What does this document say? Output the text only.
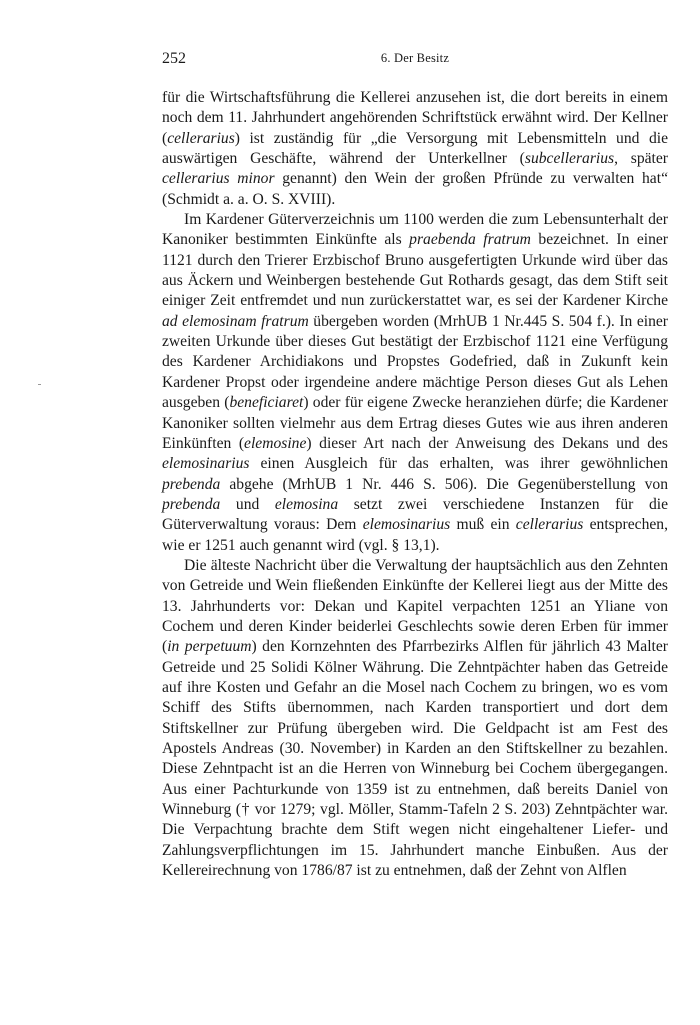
252	6. Der Besitz

für die Wirtschaftsführung die Kellerei anzusehen ist, die dort bereits in einem noch dem 11. Jahrhundert angehörenden Schriftstück erwähnt wird. Der Kellner (cellerarius) ist zuständig für „die Versorgung mit Lebensmitteln und die auswärtigen Geschäfte, während der Unterkellner (subcellerarius, später cellerarius minor genannt) den Wein der großen Pfründe zu verwalten hat“ (Schmidt a. a. O. S. XVIII).

Im Kardener Güterverzeichnis um 1100 werden die zum Lebensunterhalt der Kanoniker bestimmten Einkünfte als praebenda fratrum bezeichnet. In einer 1121 durch den Trierer Erzbischof Bruno ausgefertigten Urkunde wird über das aus Äckern und Weinbergen bestehende Gut Rothards gesagt, das dem Stift seit einiger Zeit entfremdet und nun zurückerstattet war, es sei der Kardener Kirche ad elemosinam fratrum übergeben worden (MrhUB 1 Nr.445 S. 504 f.). In einer zweiten Urkunde über dieses Gut bestätigt der Erzbischof 1121 eine Verfügung des Kardener Archidiakons und Propstes Godefried, daß in Zukunft kein Kardener Propst oder irgendeine andere mächtige Person dieses Gut als Lehen ausgeben (beneficiaret) oder für eigene Zwecke heranziehen dürfe; die Kardener Kanoniker sollten vielmehr aus dem Ertrag dieses Gutes wie aus ihren anderen Einkünften (elemosine) dieser Art nach der Anweisung des Dekans und des elemosinarius einen Ausgleich für das erhalten, was ihrer gewöhnlichen prebenda abgehe (MrhUB 1 Nr. 446 S. 506). Die Gegenüberstellung von prebenda und elemosina setzt zwei verschiedene Instanzen für die Güterverwaltung voraus: Dem elemosinarius muß ein cellerarius entsprechen, wie er 1251 auch genannt wird (vgl. § 13,1).

Die älteste Nachricht über die Verwaltung der hauptsächlich aus den Zehnten von Getreide und Wein fließenden Einkünfte der Kellerei liegt aus der Mitte des 13. Jahrhunderts vor: Dekan und Kapitel verpachten 1251 an Yliane von Cochem und deren Kinder beiderlei Geschlechts sowie deren Erben für immer (in perpetuum) den Kornzehnten des Pfarrbezirks Alflen für jährlich 43 Malter Getreide und 25 Solidi Kölner Währung. Die Zehntpächter haben das Getreide auf ihre Kosten und Gefahr an die Mosel nach Cochem zu bringen, wo es vom Schiff des Stifts übernommen, nach Karden transportiert und dort dem Stiftskellner zur Prüfung übergeben wird. Die Geldpacht ist am Fest des Apostels Andreas (30. November) in Karden an den Stiftskellner zu bezahlen. Diese Zehntpacht ist an die Herren von Winneburg bei Cochem übergegangen. Aus einer Pachturkunde von 1359 ist zu entnehmen, daß bereits Daniel von Winneburg († vor 1279; vgl. Möller, Stamm-Tafeln 2 S. 203) Zehntpächter war. Die Verpachtung brachte dem Stift wegen nicht eingehaltener Liefer- und Zahlungsverpflichtungen im 15. Jahrhundert manche Einbußen. Aus der Kellereirechnung von 1786/87 ist zu entnehmen, daß der Zehnt von Alflen
